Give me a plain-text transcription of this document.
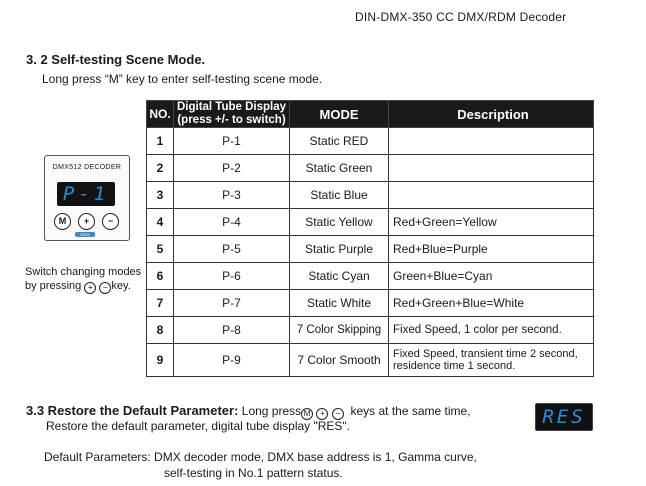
DIN-DMX-350 CC DMX/RDM Decoder
3. 2 Self-testing Scene Mode.
Long press “M” key to enter self-testing scene mode.
DMX512 DECODER
P-1
M	+	−
RDM
Switch changing modes
by pressing + − key.
NO.	Digital Tube Display
(press +/- to switch)	MODE	Description
1	P-1	Static RED	
2	P-2	Static Green	
3	P-3	Static Blue	
4	P-4	Static Yellow	Red+Green=Yellow
5	P-5	Static Purple	Red+Blue=Purple
6	P-6	Static Cyan	Green+Blue=Cyan
7	P-7	Static White	Red+Green+Blue=White
8	P-8	7 Color Skipping	Fixed Speed, 1 color per second.
9	P-9	7 Color Smooth	Fixed Speed, transient time 2 second,
residence time 1 second.
3.3 Restore the Default Parameter: Long press M + − keys at the same time,
Restore the default parameter, digital tube display "RES".	RES
Default Parameters: DMX decoder mode, DMX base address is 1, Gamma curve,
self-testing in No.1 pattern status.
